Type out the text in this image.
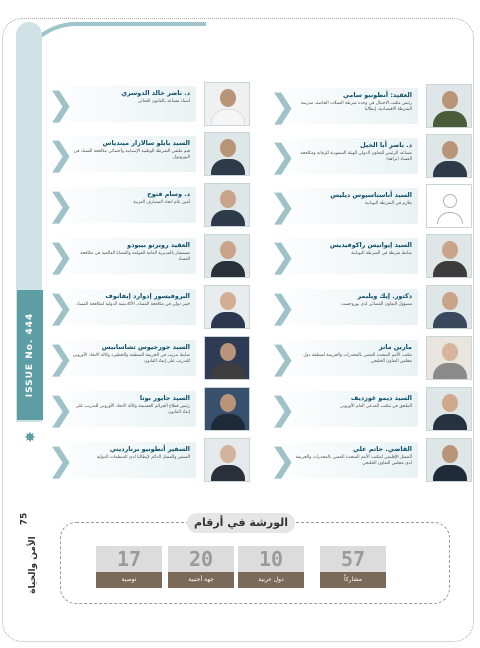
ISSUE No. 444
✸
75
الأمن والحياة
❮	العقيد: أنطونيو سامي
رئيس مكتب الاحتيال في وحدة شرطة العملات الخاصة، مدرسة الشرطة الاقتصادية، إيطاليا
❮	د. ناصر أبا الخيل
مساعد الرئيس للتعاون الدولي الهيئة السعودية للرقابة ومكافحة الفساد (نزاهة)
❮	السيد أناستاسيوس ديليس
ملازم في الشرطة اليونانية
❮	السيد إيوانيس راكوفيديس
ضابط شرطة في الشرطة اليونانية
❮	دكتور. إيك ويلبمز
مسؤول التعاون القضائي لدى يوروجست
❮	مارين مانز
مكتب الأمم المتحدة المعني بالمخدرات والجريمة لمنطقة دول مجلس التعاون الخليجي
❮	السيد ديمو غوزديف
الملحق في مكتب المدعي العام الأوروبي
❮	القاضي. حاتم علي
الممثل الإقليمي لمكتب الأمم المتحدة المعني بالمخدرات والجريمة لدى مجلس التعاون الخليجي
❮	د. ناصر خالد الدوسري
أستاذ مساعد بالقانون الجنائي
❮	السيد بابلو سالازار ميندياس
قيم ملتقي الشرطة الوطنية الإسبانية وأخصائي مكافحة الفساد في اليوروبول
❮	د. وسام فتوح
أمين عام اتحاد المصارف العربية
❮	العقيد روبرتو بيبودو
مستشار بالمديرية العامة للعولمة والقضايا العالمية في مكافحة الفساد
❮	البروفيسور إدوارد إيفانوف
خبير دولي في مكافحة الفساد، الأكاديمية الدولية لمكافحة الفساد
❮	السيد جورجيوس تشاسابيس
ضابط تدريب في الجريمة المنظمة والخطيرة وكالة الاتحاد الأوروبي للتدريب على إنفاذ القانون
❮	السيد جابور بوتا
رئيس قطاع الجرائم الجسيمة وكالة الاتحاد الأوروبي للتدريب على إنفاذ القانون
❮	السفير أنطونيو برنارديني
السفير والممثل الدائم لإيطاليا لدى المنظمات الدولية
الورشة في أرقام
57
مشاركاً
10
دول عربية
20
جهة أجنبية
17
توصية
